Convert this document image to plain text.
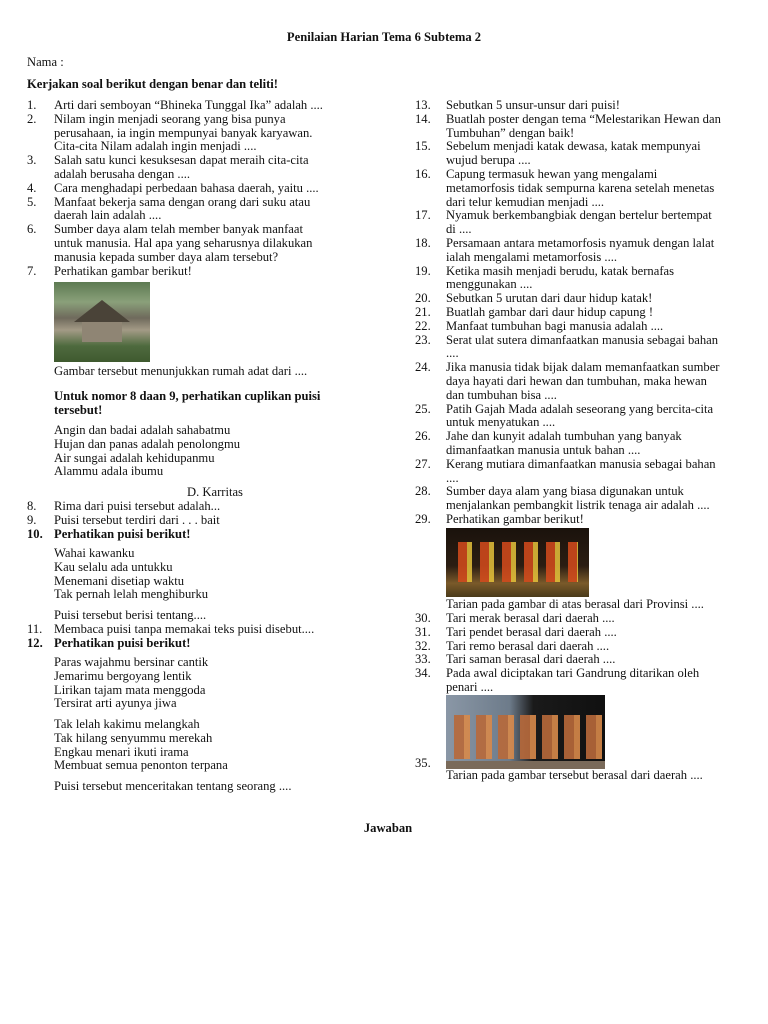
Penilaian Harian Tema 6 Subtema 2
Nama :
Kerjakan soal berikut dengan benar dan teliti!
1. Arti dari semboyan “Bhineka Tunggal Ika” adalah ....
2. Nilam ingin menjadi seorang yang bisa punya
perusahaan, ia ingin mempunyai banyak karyawan.
Cita-cita Nilam adalah ingin menjadi ....
3. Salah satu kunci kesuksesan dapat meraih cita-cita
adalah berusaha dengan ....
4. Cara menghadapi perbedaan bahasa daerah, yaitu ....
5. Manfaat bekerja sama dengan orang dari suku atau
daerah lain adalah ....
6. Sumber daya alam telah member banyak manfaat
untuk manusia. Hal apa yang seharusnya dilakukan
manusia kepada sumber daya alam tersebut?
7. Perhatikan gambar berikut!
Gambar tersebut menunjukkan rumah adat dari ....
Untuk nomor 8 daan 9, perhatikan cuplikan puisi
tersebut!
Angin dan badai adalah sahabatmu
Hujan dan panas adalah penolongmu
Air sungai adalah kehidupanmu
Alammu adala ibumu
D. Karritas
8. Rima dari puisi tersebut adalah...
9. Puisi tersebut terdiri dari . . . bait
10. Perhatikan puisi berikut!
Wahai kawanku
Kau selalu ada untukku
Menemani disetiap waktu
Tak pernah lelah menghiburku
Puisi tersebut berisi tentang....
11. Membaca puisi tanpa memakai teks puisi disebut....
12. Perhatikan puisi berikut!
Paras wajahmu bersinar cantik
Jemarimu bergoyang lentik
Lirikan tajam mata menggoda
Tersirat arti ayunya jiwa
Tak lelah kakimu melangkah
Tak hilang senyummu merekah
Engkau menari ikuti irama
Membuat semua penonton terpana
Puisi tersebut menceritakan tentang seorang ....
13. Sebutkan 5 unsur-unsur dari puisi!
14. Buatlah poster dengan tema “Melestarikan Hewan dan
Tumbuhan” dengan baik!
15. Sebelum menjadi katak dewasa, katak mempunyai
wujud berupa ....
16. Capung termasuk hewan yang mengalami
metamorfosis tidak sempurna karena setelah menetas
dari telur kemudian menjadi ....
17. Nyamuk berkembangbiak dengan bertelur bertempat
di ....
18. Persamaan antara metamorfosis nyamuk dengan lalat
ialah mengalami metamorfosis ....
19. Ketika masih menjadi berudu, katak bernafas
menggunakan ....
20. Sebutkan 5 urutan dari daur hidup katak!
21. Buatlah gambar dari daur hidup capung !
22. Manfaat tumbuhan bagi manusia adalah ....
23. Serat ulat sutera dimanfaatkan manusia sebagai bahan
....
24. Jika manusia tidak bijak dalam memanfaatkan sumber
daya hayati dari hewan dan tumbuhan, maka hewan
dan tumbuhan bisa ....
25. Patih Gajah Mada adalah seseorang yang bercita-cita
untuk menyatukan ....
26. Jahe dan kunyit adalah tumbuhan yang banyak
dimanfaatkan manusia untuk bahan ....
27. Kerang mutiara dimanfaatkan manusia sebagai bahan
....
28. Sumber daya alam yang biasa digunakan untuk
menjalankan pembangkit listrik tenaga air adalah ....
29. Perhatikan gambar berikut!
Tarian pada gambar di atas berasal dari Provinsi ....
30. Tari merak berasal dari daerah ....
31. Tari pendet berasal dari daerah ....
32. Tari remo berasal dari daerah ....
33. Tari saman berasal dari daerah ....
34. Pada awal diciptakan tari Gandrung ditarikan oleh
penari ....
35.
Tarian pada gambar tersebut berasal dari daerah ....
Jawaban
